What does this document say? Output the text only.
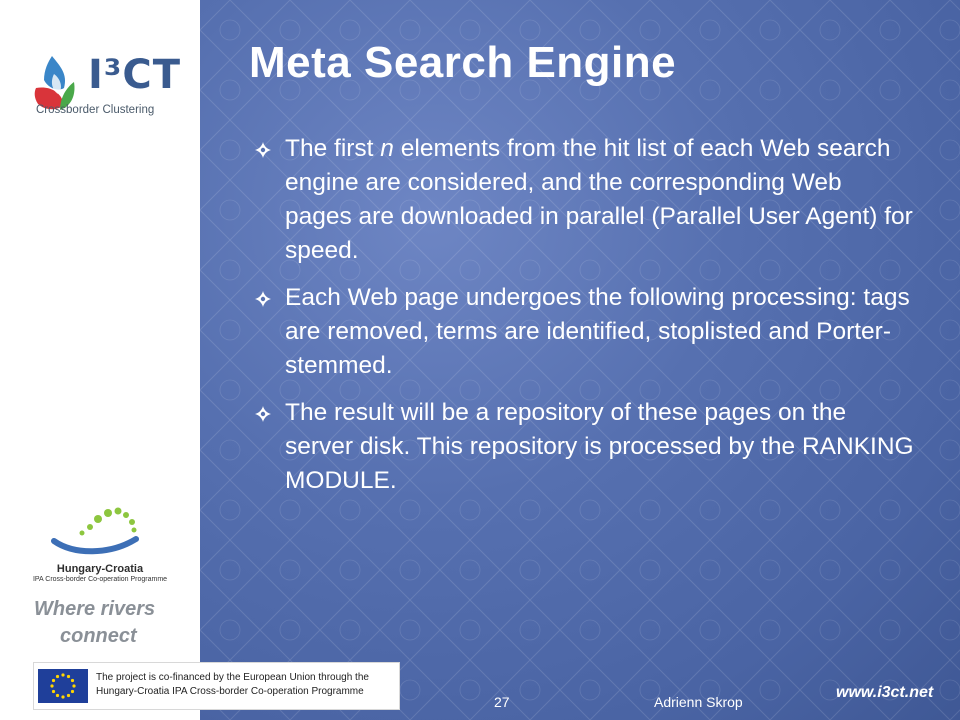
I³CT
Crossborder Clustering
Hungary-Croatia
IPA Cross-border Co-operation Programme
Where rivers
connect
The project is co-financed by the European Union through the
Hungary-Croatia IPA Cross-border Co-operation Programme
Meta Search Engine
The first n elements from the hit list of each Web search engine are considered, and the corresponding Web pages are downloaded in parallel (Parallel User Agent) for speed.
Each Web page undergoes the following processing: tags are removed, terms are identified, stoplisted and Porter-stemmed.
The result will be a repository of these pages on the server disk. This repository is processed by the RANKING MODULE.
27	Adrienn Skrop
www.i3ct.net
